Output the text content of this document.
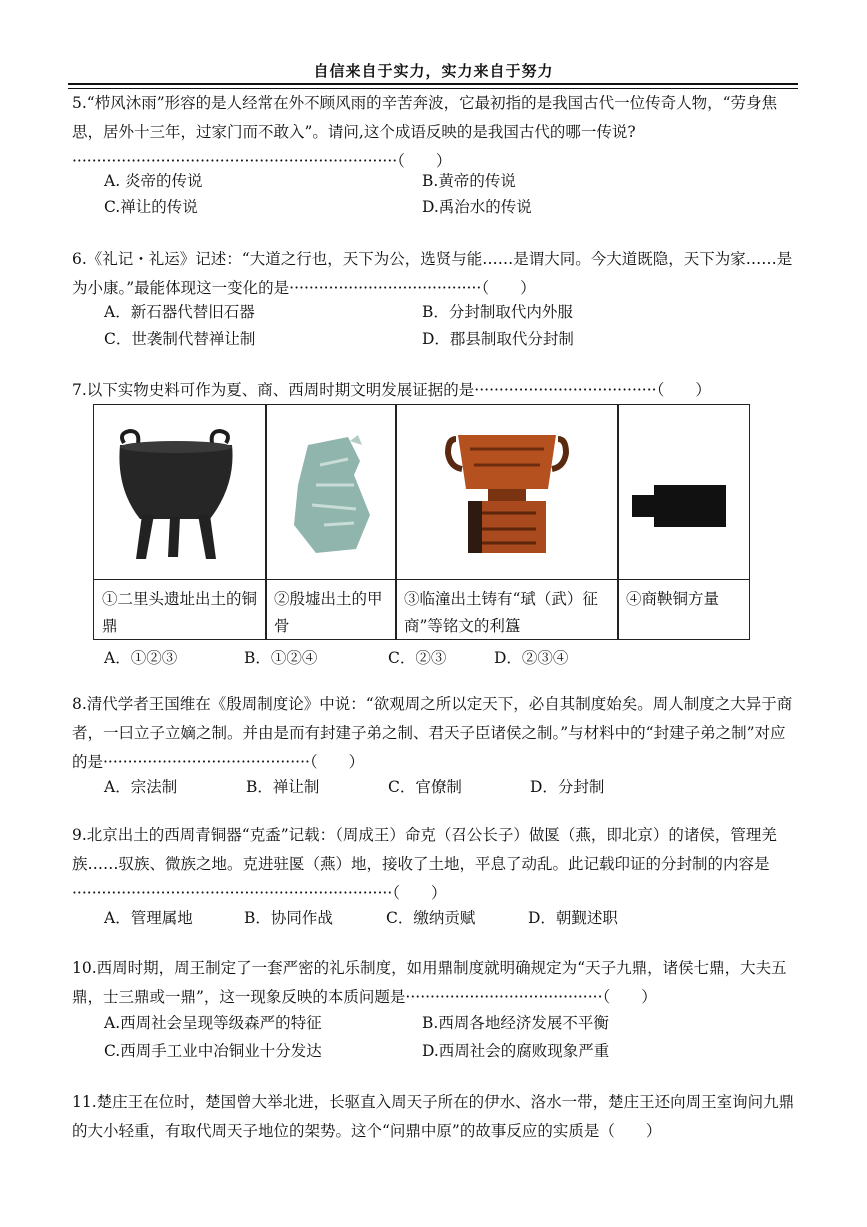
自信来自于实力，实力来自于努力
5.“栉风沐雨”形容的是人经常在外不顾风雨的辛苦奔波，它最初指的是我国古代一位传奇人物，“劳身焦思，居外十三年，过家门而不敢入”。请问,这个成语反映的是我国古代的哪一传说?··································································（　　）
A. 炎帝的传说	B.黄帝的传说
C.禅让的传说	D.禹治水的传说
6.《礼记・礼运》记述：“大道之行也，天下为公，选贤与能……是谓大同。今大道既隐，天下为家……是为小康。”最能体现这一变化的是·······································（　　）
A．新石器代替旧石器	B．分封制取代内外服
C．世袭制代替禅让制	D．郡县制取代分封制
7.以下实物史料可作为夏、商、西周时期文明发展证据的是·····································（　　）
①二里头遗址出土的铜鼎
②殷墟出土的甲骨
③临潼出土铸有“珷（武）征商”等铭文的利簋
④商鞅铜方量
A．①②③	B．①②④	C．②③	D．②③④
8.清代学者王国维在《殷周制度论》中说：“欲观周之所以定天下，必自其制度始矣。周人制度之大异于商者，一曰立子立嫡之制。并由是而有封建子弟之制、君天子臣诸侯之制。”与材料中的“封建子弟之制”对应的是··········································（　　）
A．宗法制	B．禅让制	C．官僚制	D．分封制
9.北京出土的西周青铜器“克盉”记载：（周成王）命克（召公长子）做匽（燕，即北京）的诸侯，管理羌族……驭族、微族之地。克进驻匽（燕）地，接收了土地，平息了动乱。此记载印证的分封制的内容是·································································（　　）
A．管理属地	B．协同作战	C．缴纳贡赋	D．朝觐述职
10.西周时期，周王制定了一套严密的礼乐制度，如用鼎制度就明确规定为“天子九鼎，诸侯七鼎，大夫五鼎，士三鼎或一鼎”，这一现象反映的本质问题是········································（　　）
A.西周社会呈现等级森严的特征	B.西周各地经济发展不平衡
C.西周手工业中冶铜业十分发达	D.西周社会的腐败现象严重
11.楚庄王在位时，楚国曾大举北进，长驱直入周天子所在的伊水、洛水一带，楚庄王还向周王室询问九鼎的大小轻重，有取代周天子地位的架势。这个“问鼎中原”的故事反应的实质是（　　）
